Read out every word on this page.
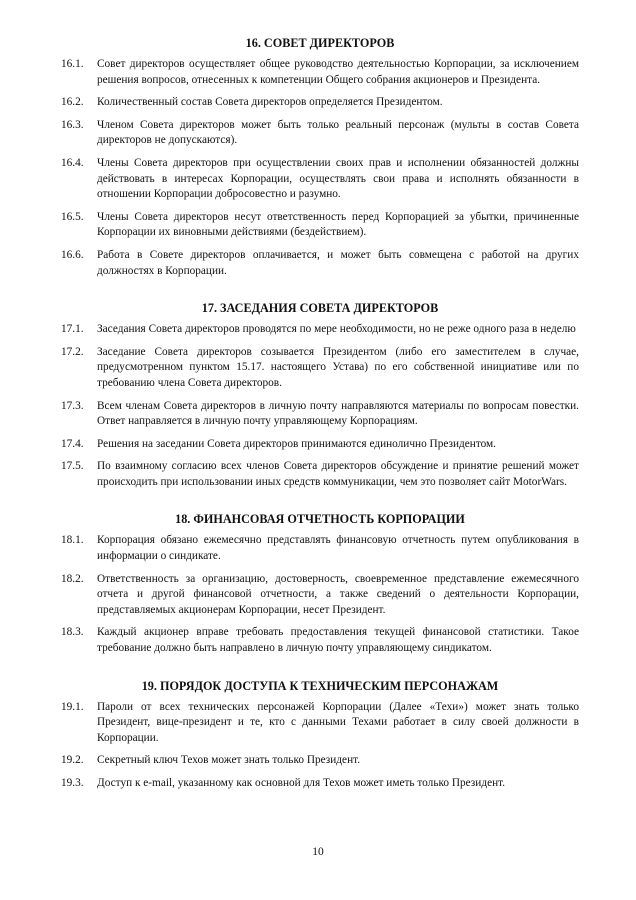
16. СОВЕТ ДИРЕКТОРОВ
16.1.	Совет директоров осуществляет общее руководство деятельностью Корпорации, за исключением решения вопросов, отнесенных к компетенции Общего собрания акционеров и Президента.
16.2.	Количественный состав Совета директоров определяется Президентом.
16.3.	Членом Совета директоров может быть только реальный персонаж (мульты в состав Совета директоров не допускаются).
16.4.	Члены Совета директоров при осуществлении своих прав и исполнении обязанностей должны действовать в интересах Корпорации, осуществлять свои права и исполнять обязанности в отношении Корпорации добросовестно и разумно.
16.5.	Члены Совета директоров несут ответственность перед Корпорацией за убытки, причиненные Корпорации их виновными действиями (бездействием).
16.6.	Работа в Совете директоров оплачивается, и может быть совмещена с работой на других должностях в Корпорации.
17. ЗАСЕДАНИЯ СОВЕТА ДИРЕКТОРОВ
17.1.	Заседания Совета директоров проводятся по мере необходимости, но не реже одного раза в неделю
17.2.	Заседание Совета директоров созывается Президентом (либо его заместителем в случае, предусмотренном пунктом 15.17. настоящего Устава) по его собственной инициативе или по требованию члена Совета директоров.
17.3.	Всем членам Совета директоров в личную почту направляются материалы по вопросам повестки. Ответ направляется в личную почту управляющему Корпорациям.
17.4.	Решения на заседании Совета директоров принимаются единолично Президентом.
17.5.	По взаимному согласию всех членов Совета директоров обсуждение и принятие решений может происходить при использовании иных средств коммуникации, чем это позволяет сайт MotorWars.
18. ФИНАНСОВАЯ ОТЧЕТНОСТЬ КОРПОРАЦИИ
18.1.	Корпорация обязано ежемесячно представлять финансовую отчетность путем опубликования в информации о синдикате.
18.2.	Ответственность за организацию, достоверность, своевременное представление ежемесячного отчета и другой финансовой отчетности, а также сведений о деятельности Корпорации, представляемых акционерам Корпорации, несет Президент.
18.3.	Каждый акционер вправе требовать предоставления текущей финансовой статистики. Такое требование должно быть направлено в личную почту управляющему синдикатом.
19. ПОРЯДОК ДОСТУПА К ТЕХНИЧЕСКИМ ПЕРСОНАЖАМ
19.1.	Пароли от всех технических персонажей Корпорации (Далее «Техи») может знать только Президент, вице-президент и те, кто с данными Техами работает в силу своей должности в Корпорации.
19.2.	Секретный ключ Техов может знать только Президент.
19.3.	Доступ к e-mail, указанному как основной для Техов может иметь только Президент.
10
